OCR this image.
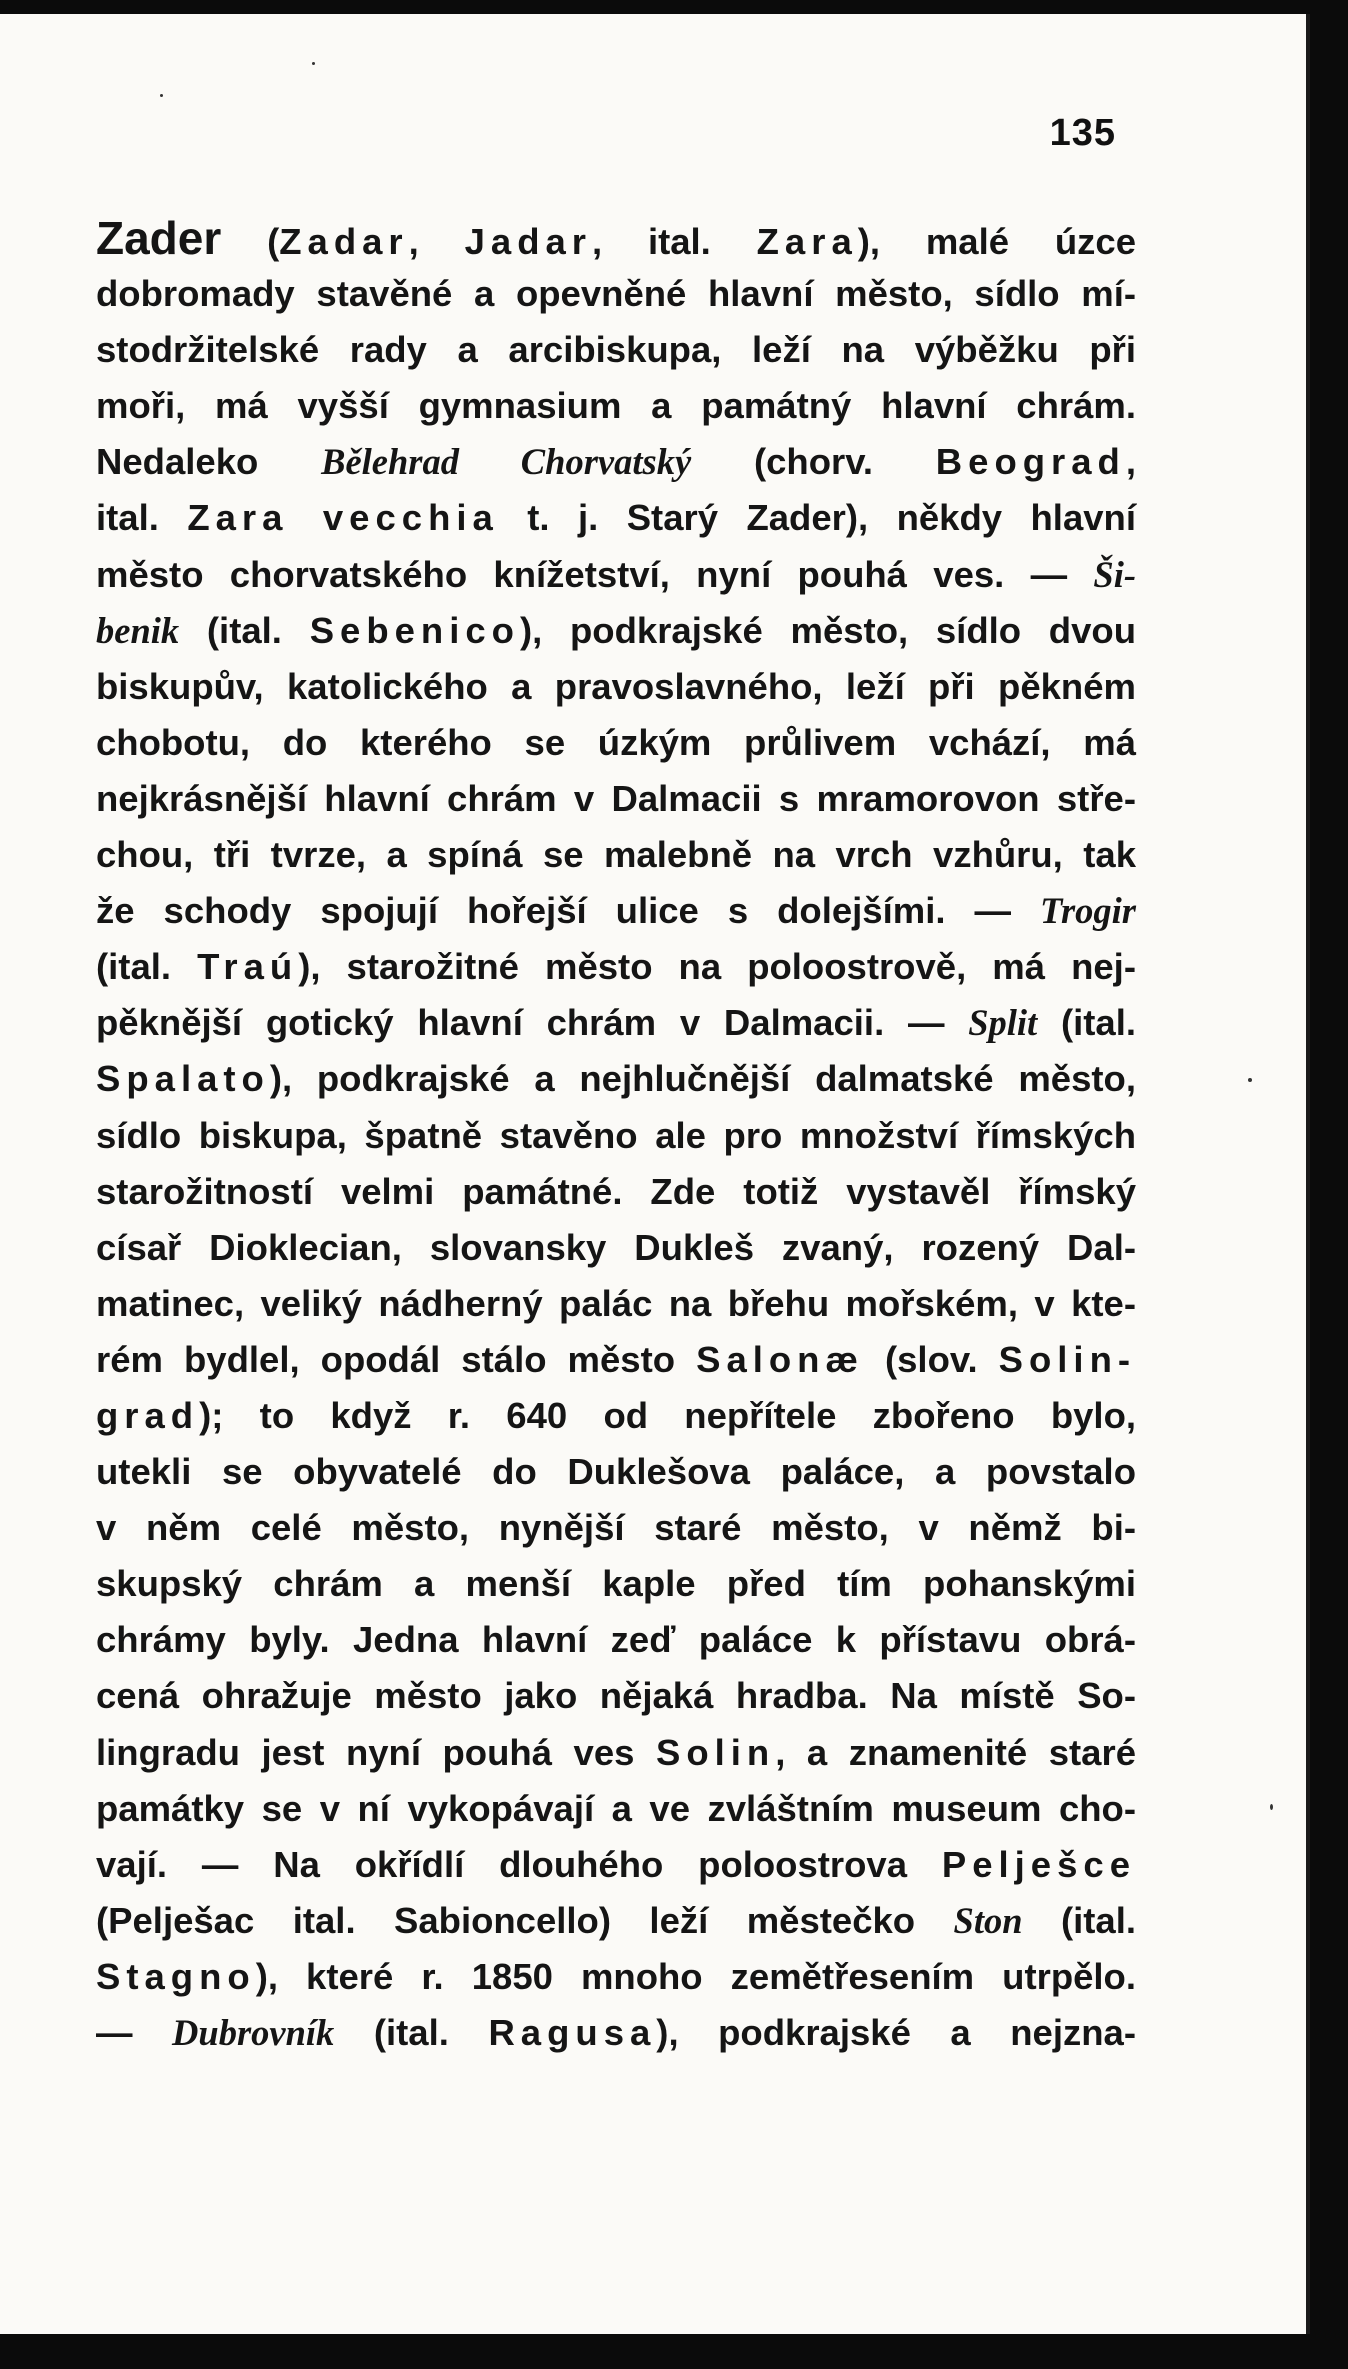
135
Zader (Zadar, Jadar, ital. Zara), malé úzce
dobromady stavěné a opevněné hlavní město, sídlo mí-
stodržitelské rady a arcibiskupa, leží na výběžku při
moři, má vyšší gymnasium a památný hlavní chrám.
Nedaleko Bělehrad Chorvatský (chorv. Beograd,
ital. Zara vecchia t. j. Starý Zader), někdy hlavní
město chorvatského knížetství, nyní pouhá ves. — Ši-
benik (ital. Sebenico), podkrajské město, sídlo dvou
biskupův, katolického a pravoslavného, leží při pěkném
chobotu, do kterého se úzkým průlivem vchází, má
nejkrásnější hlavní chrám v Dalmacii s mramorovon stře-
chou, tři tvrze, a spíná se malebně na vrch vzhůru, tak
že schody spojují hořejší ulice s dolejšími. — Trogir
(ital. Traú), starožitné město na poloostrově, má nej-
pěknější gotický hlavní chrám v Dalmacii. — Split (ital.
Spalato), podkrajské a nejhlučnější dalmatské město,
sídlo biskupa, špatně stavěno ale pro množství římských
starožitností velmi památné. Zde totiž vystavěl římský
císař Dioklecian, slovansky Dukleš zvaný, rozený Dal-
matinec, veliký nádherný palác na břehu mořském, v kte-
rém bydlel, opodál stálo město Salonæ (slov. Solin-
grad); to když r. 640 od nepřítele zbořeno bylo,
utekli se obyvatelé do Duklešova paláce, a povstalo
v něm celé město, nynější staré město, v němž bi-
skupský chrám a menší kaple před tím pohanskými
chrámy byly. Jedna hlavní zeď paláce k přístavu obrá-
cená ohražuje město jako nějaká hradba. Na místě So-
lingradu jest nyní pouhá ves Solin, a znamenité staré
památky se v ní vykopávají a ve zvláštním museum cho-
vají. — Na okřídlí dlouhého poloostrova Pelješce
(Pelješac ital. Sabioncello) leží městečko Ston (ital.
Stagno), které r. 1850 mnoho zemětřesením utrpělo.
— Dubrovník (ital. Ragusa), podkrajské a nejzna-
